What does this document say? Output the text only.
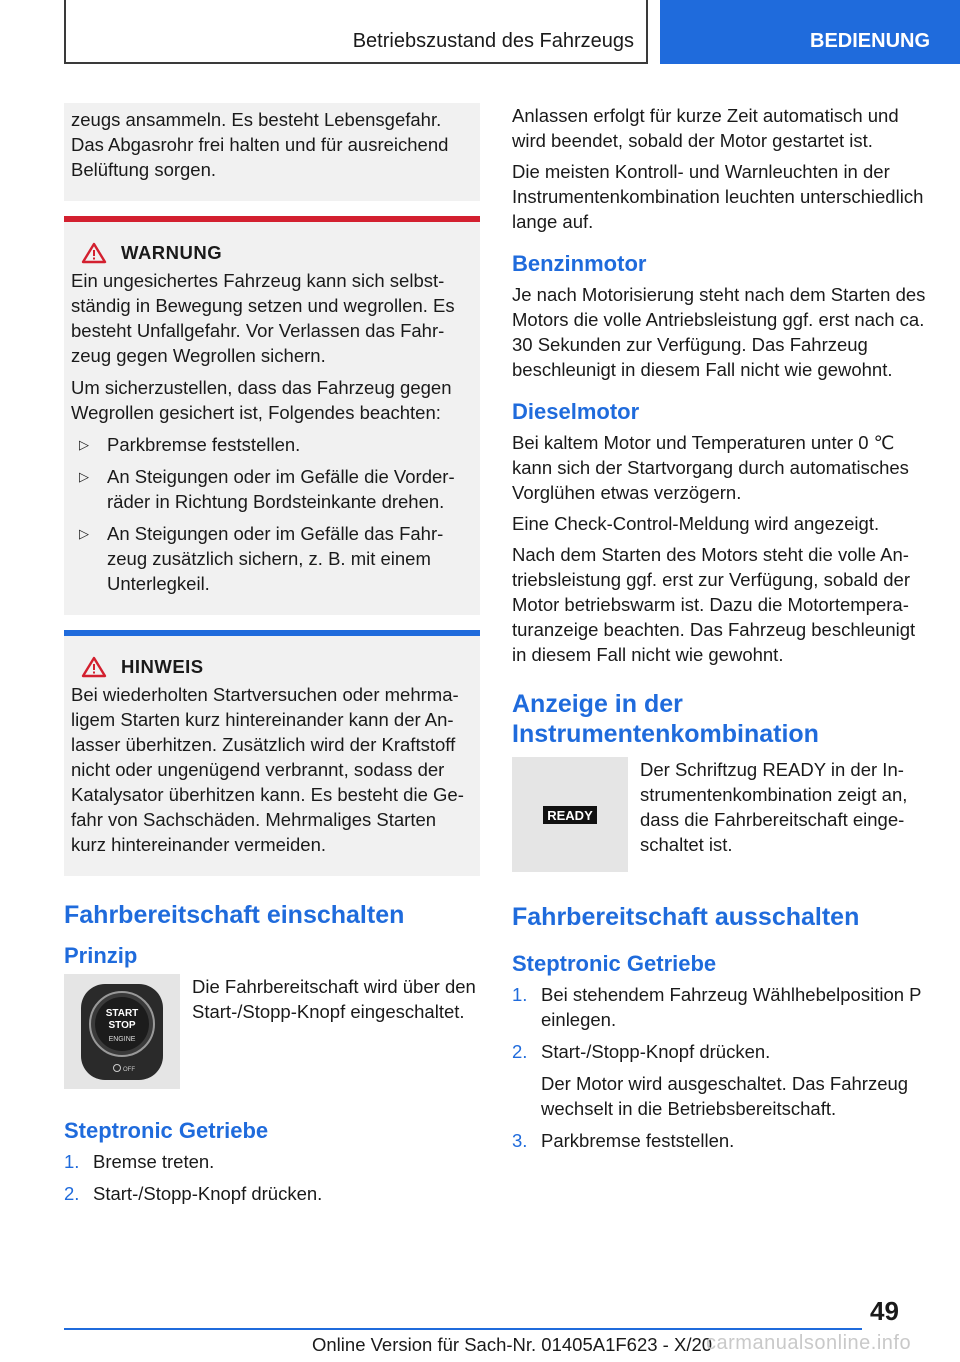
Betriebszustand des Fahrzeugs	BEDIENUNG

zeugs ansammeln. Es besteht Lebensgefahr. Das Abgasrohr frei halten und für ausreichend Belüftung sorgen.

WARNUNG

Ein ungesichertes Fahrzeug kann sich selbstständig in Bewegung setzen und wegrollen. Es besteht Unfallgefahr. Vor Verlassen das Fahrzeug gegen Wegrollen sichern.

Um sicherzustellen, dass das Fahrzeug gegen Wegrollen gesichert ist, Folgendes beachten:

▷ Parkbremse feststellen.
▷ An Steigungen oder im Gefälle die Vorderräder in Richtung Bordsteinkante drehen.
▷ An Steigungen oder im Gefälle das Fahrzeug zusätzlich sichern, z. B. mit einem Unterlegkeil.
HINWEIS

Bei wiederholten Startversuchen oder mehrmaligem Starten kurz hintereinander kann der Anlasser überhitzen. Zusätzlich wird der Kraftstoff nicht oder ungenügend verbrannt, sodass der Katalysator überhitzen kann. Es besteht die Gefahr von Sachschäden. Mehrmaliges Starten kurz hintereinander vermeiden.

Fahrbereitschaft einschalten
Prinzip
START
STOP
ENGINE
OFF
Die Fahrbereitschaft wird über den Start-/Stopp-Knopf eingeschaltet.
Steptronic Getriebe
1. Bremse treten.
2. Start-/Stopp-Knopf drücken.

Anlassen erfolgt für kurze Zeit automatisch und wird beendet, sobald der Motor gestartet ist.

Die meisten Kontroll- und Warnleuchten in der Instrumentenkombination leuchten unterschiedlich lange auf.

Benzinmotor

Je nach Motorisierung steht nach dem Starten des Motors die volle Antriebsleistung ggf. erst nach ca. 30 Sekunden zur Verfügung. Das Fahrzeug beschleunigt in diesem Fall nicht wie gewohnt.

Dieselmotor

Bei kaltem Motor und Temperaturen unter 0 ℃ kann sich der Startvorgang durch automatisches Vorglühen etwas verzögern.

Eine Check-Control-Meldung wird angezeigt.

Nach dem Starten des Motors steht die volle Antriebsleistung ggf. erst zur Verfügung, sobald der Motor betriebswarm ist. Dazu die Motortemperaturanzeige beachten. Das Fahrzeug beschleunigt in diesem Fall nicht wie gewohnt.

Anzeige in der Instrumentenkombination
READY
Der Schriftzug READY in der Instrumentenkombination zeigt an, dass die Fahrbereitschaft eingeschaltet ist.
Fahrbereitschaft ausschalten
Steptronic Getriebe
1. Bei stehendem Fahrzeug Wählhebelposition P einlegen.
2. Start-/Stopp-Knopf drücken.
Der Motor wird ausgeschaltet. Das Fahrzeug wechselt in die Betriebsbereitschaft.
3. Parkbremse feststellen.
49
Online Version für Sach-Nr. 01405A1F623 - X/20
carmanualsonline.info
